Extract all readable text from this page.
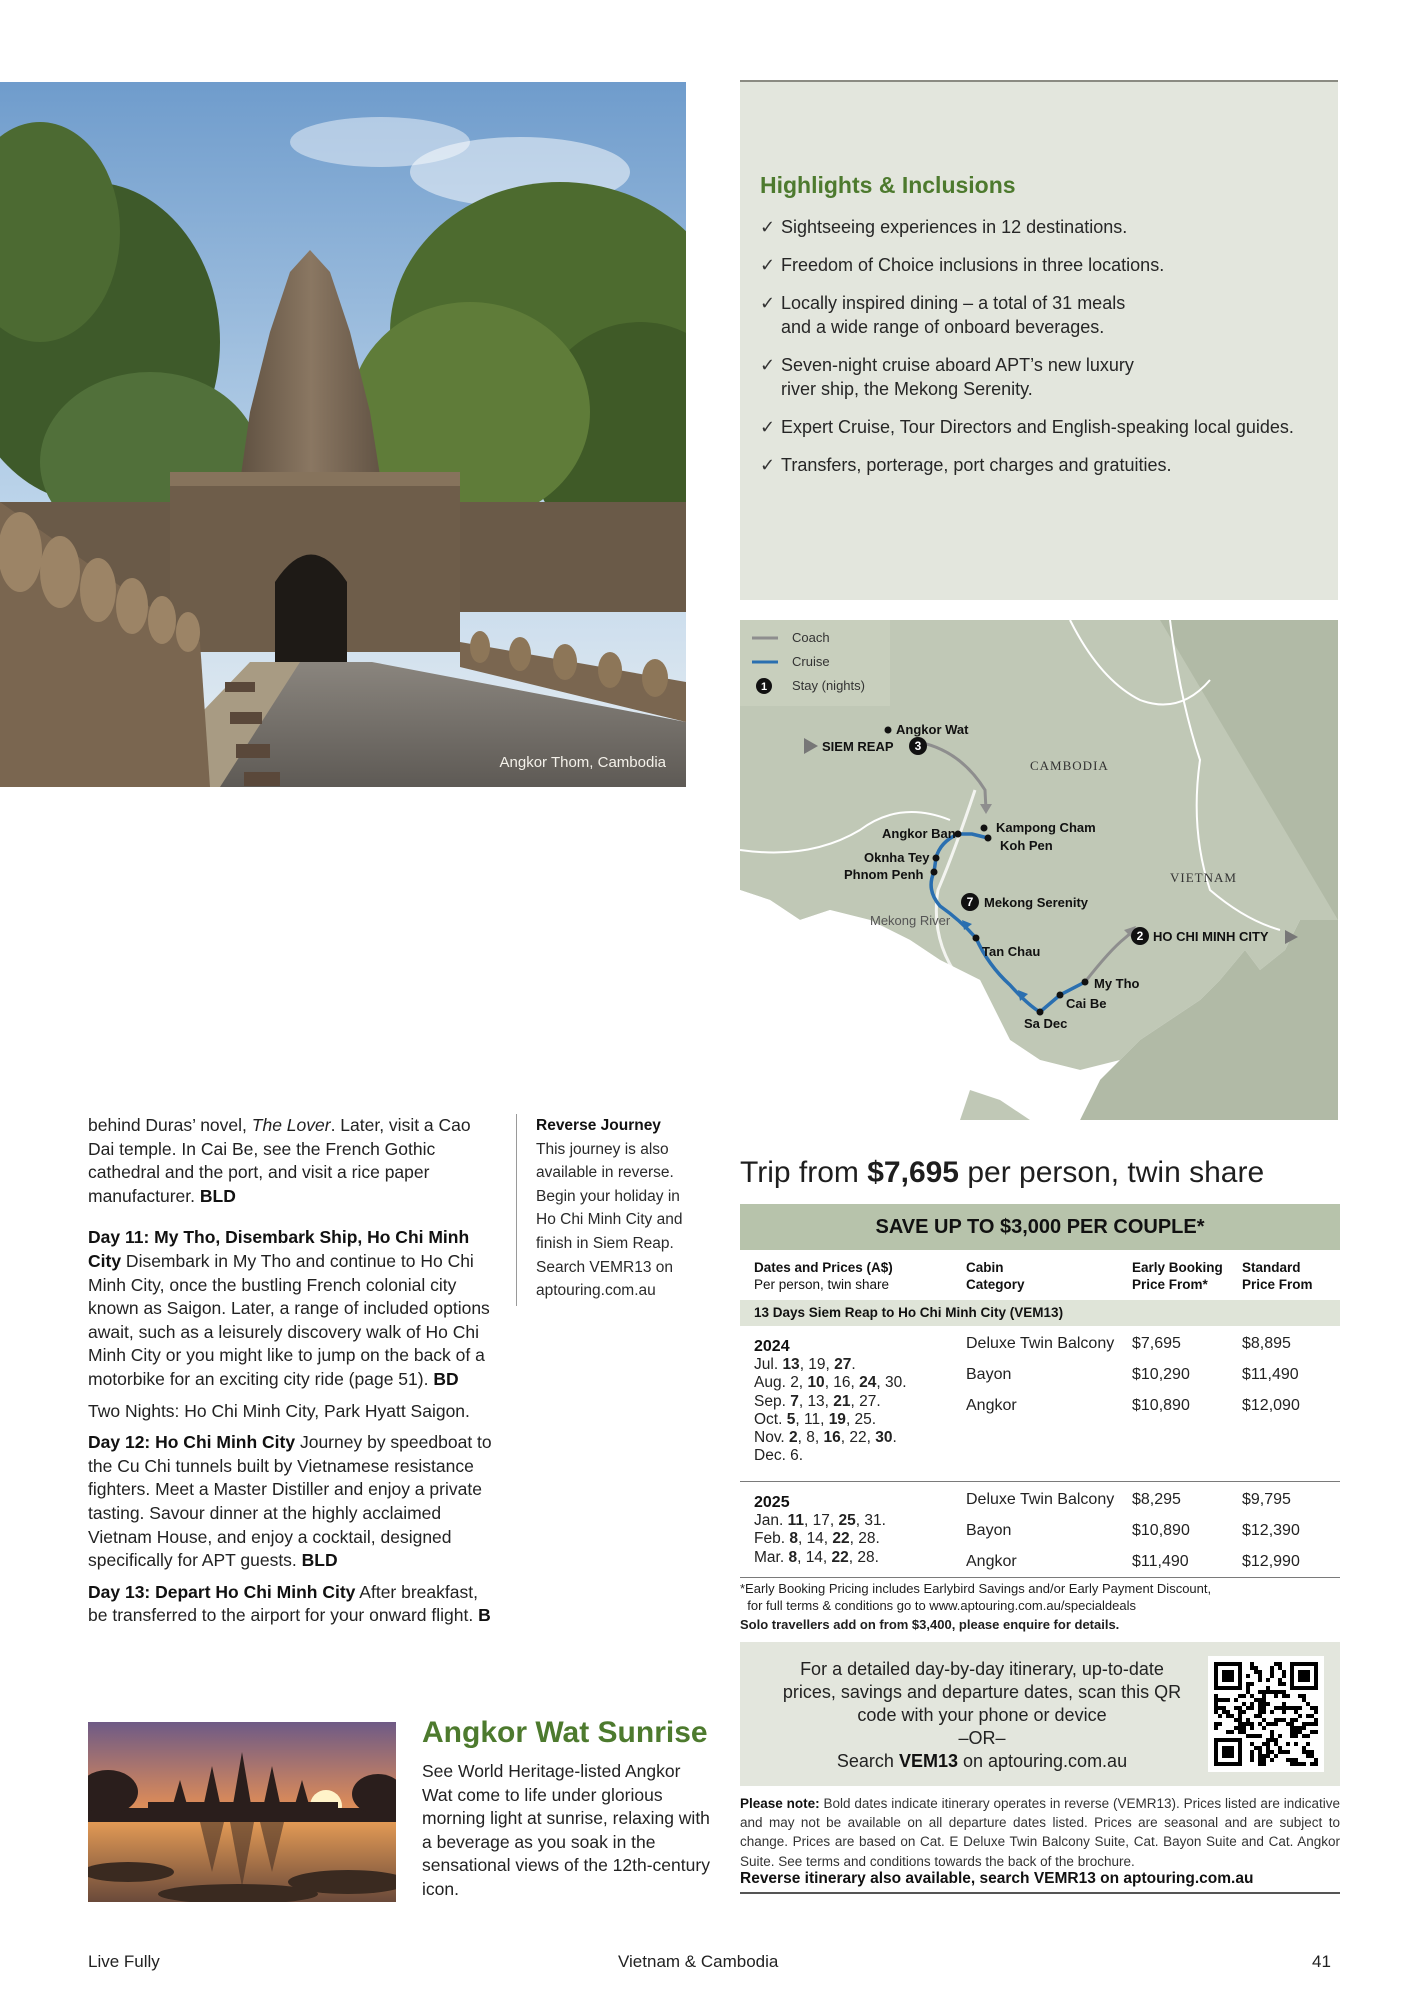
Angkor Thom, Cambodia
Highlights & Inclusions
✓ Sightseeing experiences in 12 destinations.
✓ Freedom of Choice inclusions in three locations.
✓ Locally inspired dining – a total of 31 meals
and a wide range of onboard beverages.
✓ Seven-night cruise aboard APT’s new luxury
river ship, the Mekong Serenity.
✓ Expert Cruise, Tour Directors and English-speaking local guides.
✓ Transfers, porterage, port charges and gratuities.
1
Coach
Cruise
Stay (nights)
CAMBODIA
VIETNAM
Mekong River
3
SIEM REAP
Angkor Wat
Kampong Cham
Angkor Ban
Koh Pen
Oknha Tey
Phnom Penh
7 Mekong Serenity
Tan Chau
2 HO CHI MINH CITY
My Tho
Cai Be
Sa Dec

behind Duras’ novel, The Lover. Later, visit a Cao Dai temple. In Cai Be, see the French Gothic cathedral and the port, and visit a rice paper manufacturer. BLD

Day 11: My Tho, Disembark Ship, Ho Chi Minh City Disembark in My Tho and continue to Ho Chi Minh City, once the bustling French colonial city known as Saigon. Later, a range of included options await, such as a leisurely discovery walk of Ho Chi Minh City or you might like to jump on the back of a motorbike for an exciting city ride (page 51). BD

Two Nights: Ho Chi Minh City, Park Hyatt Saigon.

Day 12: Ho Chi Minh City Journey by speedboat to the Cu Chi tunnels built by Vietnamese resistance fighters. Meet a Master Distiller and enjoy a private tasting. Savour dinner at the highly acclaimed Vietnam House, and enjoy a cocktail, designed specifically for APT guests. BLD

Day 13: Depart Ho Chi Minh City After breakfast, be transferred to the airport for your onward flight. B

Reverse Journey
This journey is also available in reverse. Begin your holiday in Ho Chi Minh City and finish in Siem Reap. Search VEMR13 on aptouring.com.au
Angkor Wat Sunrise
See World Heritage-listed Angkor Wat come to life under glorious morning light at sunrise, relaxing with a beverage as you soak in the sensational views of the 12th-century icon.
Trip from $7,695 per person, twin share
SAVE UP TO $3,000 PER COUPLE*
Dates and Prices (A$)
Per person, twin share
Cabin
Category
Early Booking
Price From*
Standard
Price From
13 Days Siem Reap to Ho Chi Minh City (VEM13)
2024
Jul. 13, 19, 27.
Aug. 2, 10, 16, 24, 30.
Sep. 7, 13, 21, 27.
Oct. 5, 11, 19, 25.
Nov. 2, 8, 16, 22, 30.
Dec. 6.
Deluxe Twin Balcony $7,695	$8,895
Bayon	$10,290	$11,490
Angkor	$10,890	$12,090
2025
Jan. 11, 17, 25, 31.
Feb. 8, 14, 22, 28.
Mar. 8, 14, 22, 28.
Deluxe Twin Balcony $8,295	$9,795
Bayon	$10,890	$12,390
Angkor	$11,490	$12,990
*Early Booking Pricing includes Earlybird Savings and/or Early Payment Discount,
for full terms & conditions go to www.aptouring.com.au/specialdeals
Solo travellers add on from $3,400, please enquire for details.
For a detailed day-by-day itinerary, up-to-date prices, savings and departure dates, scan this QR code with your phone or device
–OR–
Search VEM13 on aptouring.com.au
Please note: Bold dates indicate itinerary operates in reverse (VEMR13). Prices listed are indicative and may not be available on all departure dates listed. Prices are seasonal and are subject to change. Prices are based on Cat. E Deluxe Twin Balcony Suite, Cat. Bayon Suite and Cat. Angkor Suite. See terms and conditions towards the back of the brochure.
Reverse itinerary also available, search VEMR13 on aptouring.com.au
Live Fully	Vietnam & Cambodia	41
